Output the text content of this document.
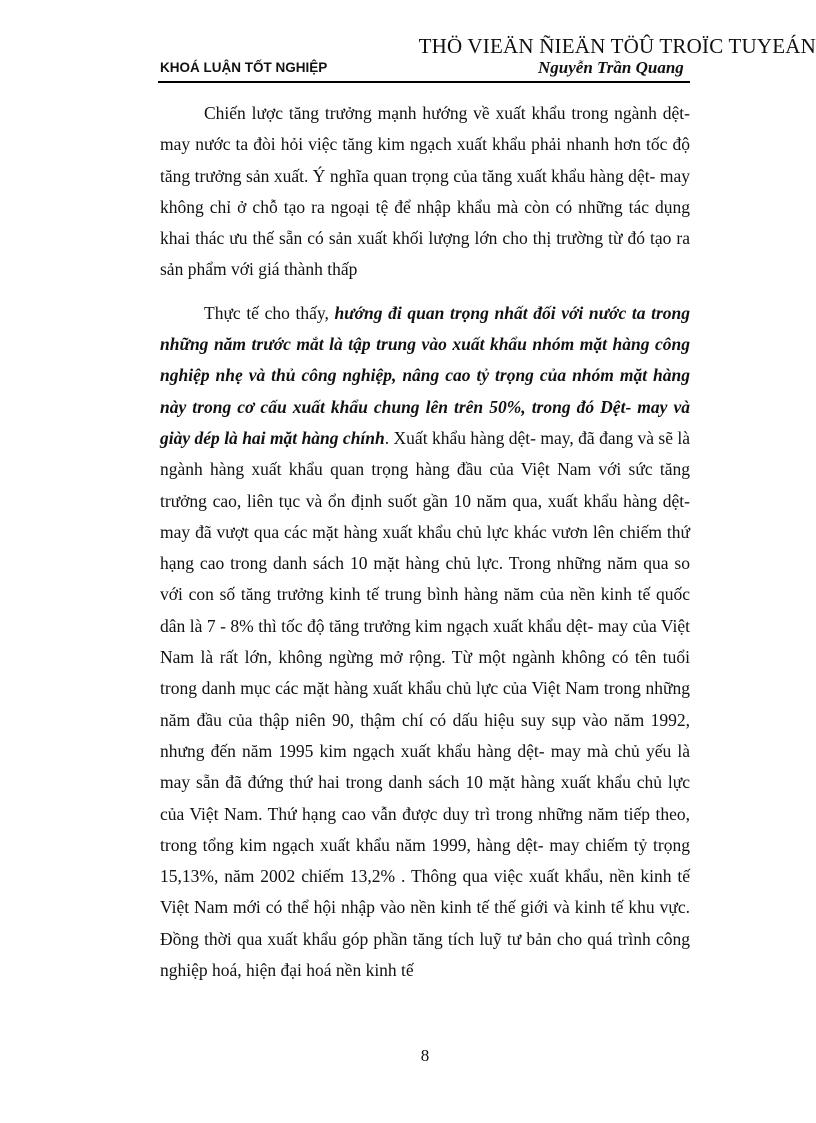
THÖ VIEÄN ÑIEÄN TÖÛ TROÏC TUYEÁN
KHOÁ LUẬN TỐT NGHIỆP	Nguyễn Trần Quang

Chiến lược tăng trưởng mạnh hướng về xuất khẩu trong ngành dệt- may nước ta đòi hỏi việc tăng kim ngạch xuất khẩu phải nhanh hơn tốc độ tăng trưởng sản xuất. Ý nghĩa quan trọng của tăng xuất khẩu hàng dệt- may không chỉ ở chỗ tạo ra ngoại tệ để nhập khẩu mà còn có những tác dụng khai thác ưu thế sẵn có sản xuất khối lượng lớn cho thị trường từ đó tạo ra sản phẩm với giá thành thấp

Thực tế cho thấy, hướng đi quan trọng nhất đối với nước ta trong những năm trước mắt là tập trung vào xuất khẩu nhóm mặt hàng công nghiệp nhẹ và thủ công nghiệp, nâng cao tỷ trọng của nhóm mặt hàng này trong cơ cấu xuất khẩu chung lên trên 50%, trong đó Dệt- may và giày dép là hai mặt hàng chính. Xuất khẩu hàng dệt- may, đã đang và sẽ là ngành hàng xuất khẩu quan trọng hàng đầu của Việt Nam với sức tăng trưởng cao, liên tục và ổn định suốt gần 10 năm qua, xuất khẩu hàng dệt- may đã vượt qua các mặt hàng xuất khẩu chủ lực khác vươn lên chiếm thứ hạng cao trong danh sách 10 mặt hàng chủ lực. Trong những năm qua so với con số tăng trưởng kinh tế trung bình hàng năm của nền kinh tế quốc dân là 7 - 8% thì tốc độ tăng trưởng kim ngạch xuất khẩu dệt- may của Việt Nam là rất lớn, không ngừng mở rộng. Từ một ngành không có tên tuổi trong danh mục các mặt hàng xuất khẩu chủ lực của Việt Nam trong những năm đầu của thập niên 90, thậm chí có dấu hiệu suy sụp vào năm 1992, nhưng đến năm 1995 kim ngạch xuất khẩu hàng dệt- may mà chủ yếu là may sẵn đã đứng thứ hai trong danh sách 10 mặt hàng xuất khẩu chủ lực của Việt Nam. Thứ hạng cao vẫn được duy trì trong những năm tiếp theo, trong tổng kim ngạch xuất khẩu năm 1999, hàng dệt- may chiếm tỷ trọng 15,13%, năm 2002 chiếm 13,2% . Thông qua việc xuất khẩu, nền kinh tế Việt Nam mới có thể hội nhập vào nền kinh tế thế giới và kinh tế khu vực. Đồng thời qua xuất khẩu góp phần tăng tích luỹ tư bản cho quá trình công nghiệp hoá, hiện đại hoá nền kinh tế

8
